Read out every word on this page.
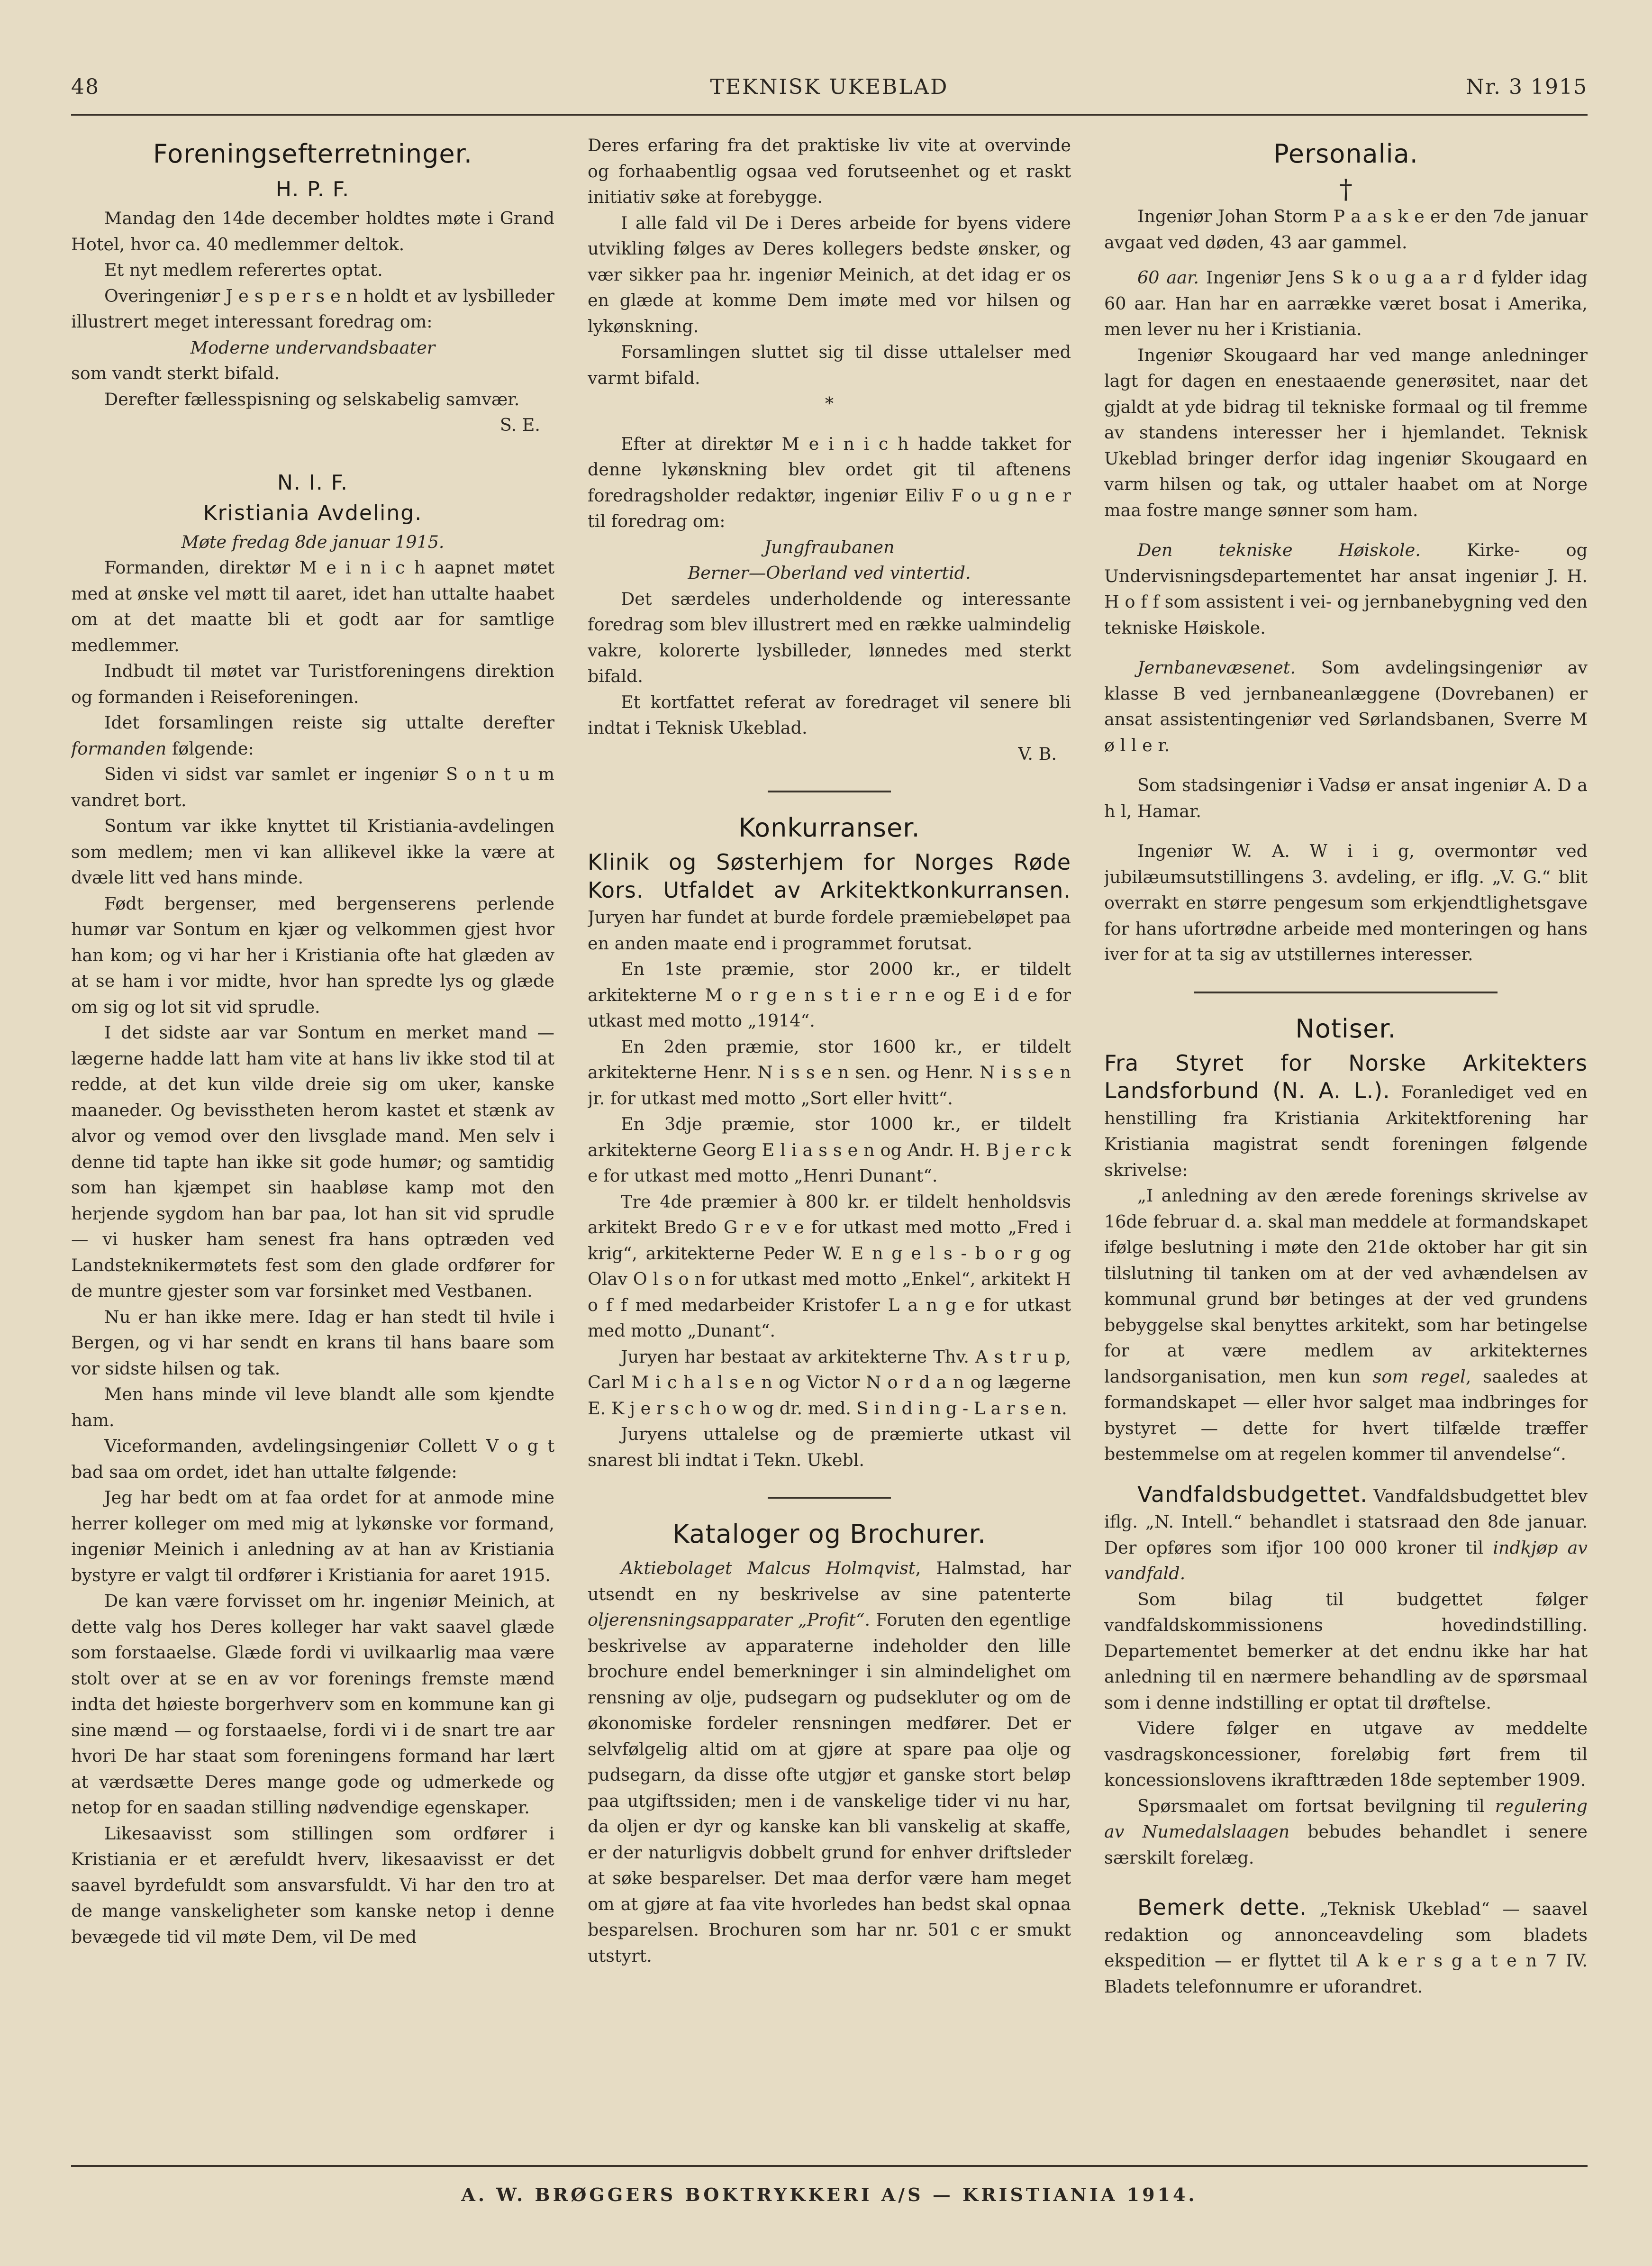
48	TEKNISK UKEBLAD	Nr. 3 1915
Foreningsefterretninger.
H. P. F.

Mandag den 14de december holdtes møte i Grand Hotel, hvor ca. 40 medlemmer deltok.

Et nyt medlem referertes optat.

Overingeniør J e s p e r s e n holdt et av lysbilleder illustrert meget interessant foredrag om:

Moderne undervandsbaater

som vandt sterkt bifald.

Derefter fællesspisning og selskabelig samvær.

S. E.

N. I. F.
Kristiania Avdeling.

Møte fredag 8de januar 1915.

Formanden, direktør M e i n i c h aapnet møtet med at ønske vel møtt til aaret, idet han uttalte haabet om at det maatte bli et godt aar for samtlige medlemmer.

Indbudt til møtet var Turistforeningens direktion og formanden i Reiseforeningen.

Idet forsamlingen reiste sig uttalte derefter formanden følgende:

Siden vi sidst var samlet er ingeniør S o n t u m vandret bort.

Sontum var ikke knyttet til Kristiania-avdelingen som medlem; men vi kan allikevel ikke la være at dvæle litt ved hans minde.

Født bergenser, med bergenserens perlende humør var Sontum en kjær og velkommen gjest hvor han kom; og vi har her i Kristiania ofte hat glæden av at se ham i vor midte, hvor han spredte lys og glæde om sig og lot sit vid sprudle.

I det sidste aar var Sontum en merket mand — lægerne hadde latt ham vite at hans liv ikke stod til at redde, at det kun vilde dreie sig om uker, kanske maaneder. Og bevisstheten herom kastet et stænk av alvor og vemod over den livsglade mand. Men selv i denne tid tapte han ikke sit gode humør; og samtidig som han kjæmpet sin haabløse kamp mot den herjende sygdom han bar paa, lot han sit vid sprudle — vi husker ham senest fra hans optræden ved Landsteknikermøtets fest som den glade ordfører for de muntre gjester som var forsinket med Vestbanen.

Nu er han ikke mere. Idag er han stedt til hvile i Bergen, og vi har sendt en krans til hans baare som vor sidste hilsen og tak.

Men hans minde vil leve blandt alle som kjendte ham.

Viceformanden, avdelingsingeniør Collett V o g t bad saa om ordet, idet han uttalte følgende:

Jeg har bedt om at faa ordet for at anmode mine herrer kolleger om med mig at lykønske vor formand, ingeniør Meinich i anledning av at han av Kristiania bystyre er valgt til ordfører i Kristiania for aaret 1915.

De kan være forvisset om hr. ingeniør Meinich, at dette valg hos Deres kolleger har vakt saavel glæde som forstaaelse. Glæde fordi vi uvilkaarlig maa være stolt over at se en av vor forenings fremste mænd indta det høieste borgerhverv som en kommune kan gi sine mænd — og forstaaelse, fordi vi i de snart tre aar hvori De har staat som foreningens formand har lært at værdsætte Deres mange gode og udmerkede og netop for en saadan stilling nødvendige egenskaper.

Likesaavisst som stillingen som ordfører i Kristiania er et ærefuldt hverv, likesaavisst er det saavel byrdefuldt som ansvarsfuldt. Vi har den tro at de mange vanskeligheter som kanske netop i denne bevægede tid vil møte Dem, vil De med

Deres erfaring fra det praktiske liv vite at overvinde og forhaabentlig ogsaa ved forutseenhet og et raskt initiativ søke at forebygge.

I alle fald vil De i Deres arbeide for byens videre utvikling følges av Deres kollegers bedste ønsker, og vær sikker paa hr. ingeniør Meinich, at det idag er os en glæde at komme Dem imøte med vor hilsen og lykønskning.

Forsamlingen sluttet sig til disse uttalelser med varmt bifald.

*

Efter at direktør M e i n i c h hadde takket for denne lykønskning blev ordet git til aftenens foredragsholder redaktør, ingeniør Eiliv F o u g n e r til foredrag om:

Jungfraubanen

Berner—Oberland ved vintertid.

Det særdeles underholdende og interessante foredrag som blev illustrert med en række ualmindelig vakre, kolorerte lysbilleder, lønnedes med sterkt bifald.

Et kortfattet referat av foredraget vil senere bli indtat i Teknisk Ukeblad.

V. B.

Konkurranser.

Klinik og Søsterhjem for Norges Røde Kors. Utfaldet av Arkitektkonkurransen. Juryen har fundet at burde fordele præmiebeløpet paa en anden maate end i programmet forutsat.

En 1ste præmie, stor 2000 kr., er tildelt arkitekterne M o r g e n s t i e r n e og E i d e for utkast med motto „1914“.

En 2den præmie, stor 1600 kr., er tildelt arkitekterne Henr. N i s s e n sen. og Henr. N i s s e n jr. for utkast med motto „Sort eller hvitt“.

En 3dje præmie, stor 1000 kr., er tildelt arkitekterne Georg E l i a s s e n og Andr. H. B j e r c k e for utkast med motto „Henri Dunant“.

Tre 4de præmier à 800 kr. er tildelt henholdsvis arkitekt Bredo G r e v e for utkast med motto „Fred i krig“, arkitekterne Peder W. E n g e l s - b o r g og Olav O l s o n for utkast med motto „Enkel“, arkitekt H o f f med medarbeider Kristofer L a n g e for utkast med motto „Dunant“.

Juryen har bestaat av arkitekterne Thv. A s t r u p, Carl M i c h a l s e n og Victor N o r d a n og lægerne E. K j e r s c h o w og dr. med. S i n d i n g - L a r s e n.

Juryens uttalelse og de præmierte utkast vil snarest bli indtat i Tekn. Ukebl.

Kataloger og Brochurer.

Aktiebolaget Malcus Holmqvist, Halmstad, har utsendt en ny beskrivelse av sine patenterte oljerensningsapparater „Profit“. Foruten den egentlige beskrivelse av apparaterne indeholder den lille brochure endel bemerkninger i sin almindelighet om rensning av olje, pudsegarn og pudsekluter og om de økonomiske fordeler rensningen medfører. Det er selvfølgelig altid om at gjøre at spare paa olje og pudsegarn, da disse ofte utgjør et ganske stort beløp paa utgiftssiden; men i de vanskelige tider vi nu har, da oljen er dyr og kanske kan bli vanskelig at skaffe, er der naturligvis dobbelt grund for enhver driftsleder at søke besparelser. Det maa derfor være ham meget om at gjøre at faa vite hvorledes han bedst skal opnaa besparelsen. Brochuren som har nr. 501 c er smukt utstyrt.

Personalia.

†

Ingeniør Johan Storm P a a s k e er den 7de januar avgaat ved døden, 43 aar gammel.

60 aar. Ingeniør Jens S k o u g a a r d fylder idag 60 aar. Han har en aarrække været bosat i Amerika, men lever nu her i Kristiania.

Ingeniør Skougaard har ved mange anledninger lagt for dagen en enestaaende generøsitet, naar det gjaldt at yde bidrag til tekniske formaal og til fremme av standens interesser her i hjemlandet. Teknisk Ukeblad bringer derfor idag ingeniør Skougaard en varm hilsen og tak, og uttaler haabet om at Norge maa fostre mange sønner som ham.

Den tekniske Høiskole. Kirke- og Undervisningsdepartementet har ansat ingeniør J. H. H o f f som assistent i vei- og jernbanebygning ved den tekniske Høiskole.

Jernbanevæsenet. Som avdelingsingeniør av klasse B ved jernbaneanlæggene (Dovrebanen) er ansat assistentingeniør ved Sørlandsbanen, Sverre M ø l l e r.

Som stadsingeniør i Vadsø er ansat ingeniør A. D a h l, Hamar.

Ingeniør W. A. W i i g, overmontør ved jubilæumsutstillingens 3. avdeling, er iflg. „V. G.“ blit overrakt en større pengesum som erkjendtlighetsgave for hans ufortrødne arbeide med monteringen og hans iver for at ta sig av utstillernes interesser.

Notiser.

Fra Styret for Norske Arkitekters Landsforbund (N. A. L.). Foranlediget ved en henstilling fra Kristiania Arkitektforening har Kristiania magistrat sendt foreningen følgende skrivelse:

„I anledning av den ærede forenings skrivelse av 16de februar d. a. skal man meddele at formandskapet ifølge beslutning i møte den 21de oktober har git sin tilslutning til tanken om at der ved avhændelsen av kommunal grund bør betinges at der ved grundens bebyggelse skal benyttes arkitekt, som har betingelse for at være medlem av arkitekternes landsorganisation, men kun som regel, saaledes at formandskapet — eller hvor salget maa indbringes for bystyret — dette for hvert tilfælde træffer bestemmelse om at regelen kommer til anvendelse“.

Vandfaldsbudgettet. Vandfaldsbudgettet blev iflg. „N. Intell.“ behandlet i statsraad den 8de januar. Der opføres som ifjor 100 000 kroner til indkjøp av vandfald.

Som bilag til budgettet følger vandfaldskommissionens hovedindstilling. Departementet bemerker at det endnu ikke har hat anledning til en nærmere behandling av de spørsmaal som i denne indstilling er optat til drøftelse.

Videre følger en utgave av meddelte vasdragskoncessioner, foreløbig ført frem til koncessionslovens ikrafttræden 18de september 1909.

Spørsmaalet om fortsat bevilgning til regulering av Numedalslaagen bebudes behandlet i senere særskilt forelæg.

Bemerk dette. „Teknisk Ukeblad“ — saavel redaktion og annonceavdeling som bladets ekspedition — er flyttet til A k e r s g a t e n 7 IV. Bladets telefonnumre er uforandret.

A. W. BRØGGERS BOKTRYKKERI A/S — KRISTIANIA 1914.
